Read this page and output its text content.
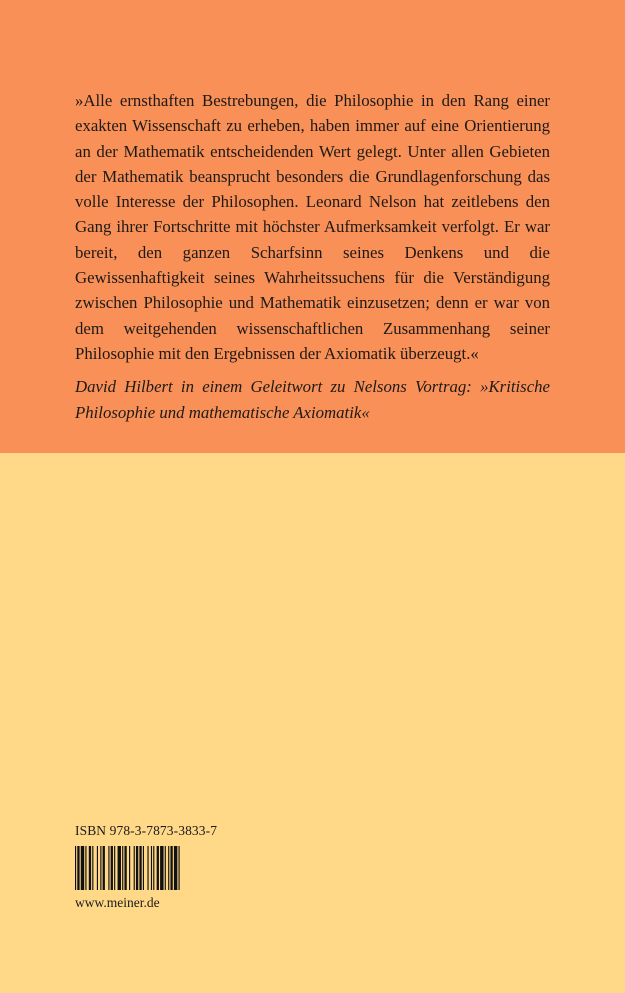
»Alle ernsthaften Bestrebungen, die Philosophie in den Rang einer exakten Wissenschaft zu erheben, haben immer auf eine Orientierung an der Mathematik entscheidenden Wert gelegt. Unter allen Gebieten der Mathematik beansprucht besonders die Grundlagenforschung das volle Interesse der Philosophen. Leonard Nelson hat zeitlebens den Gang ihrer Fortschritte mit höchster Aufmerksamkeit verfolgt. Er war bereit, den ganzen Scharfsinn seines Denkens und die Gewissenhaftigkeit seines Wahrheitssuchens für die Verständigung zwischen Philosophie und Mathematik einzusetzen; denn er war von dem weitgehenden wissenschaftlichen Zusammenhang seiner Philosophie mit den Ergebnissen der Axiomatik überzeugt.«

David Hilbert in einem Geleitwort zu Nelsons Vortrag: »Kritische Philosophie und mathematische Axiomatik«

ISBN 978-3-7873-3833-7
www.meiner.de
